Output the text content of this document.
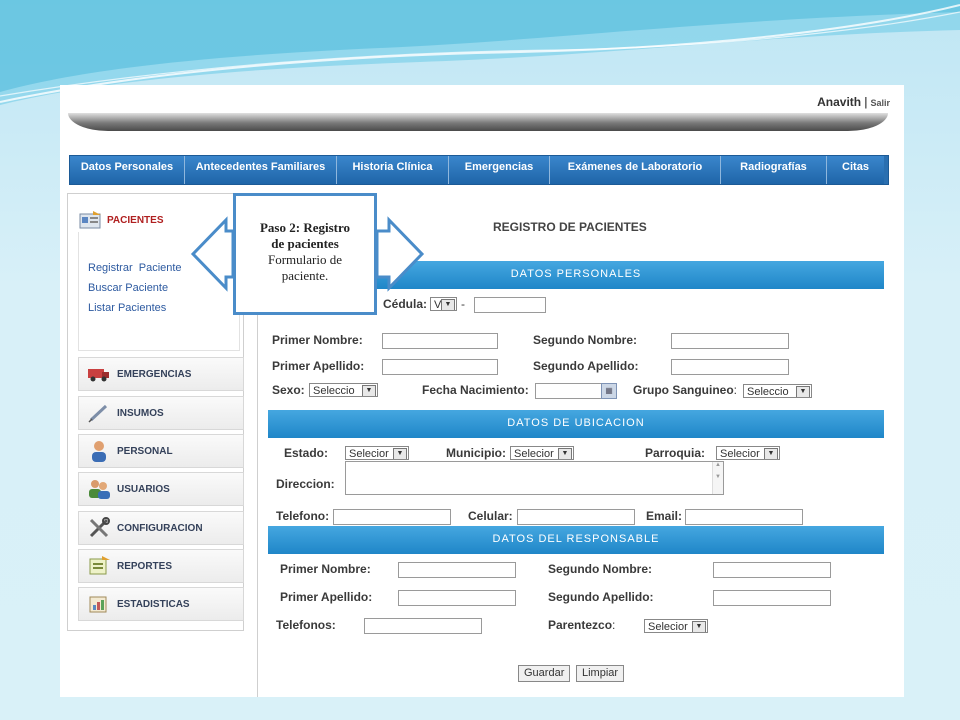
Anavith | Salir
Datos Personales	Antecedentes Familiares	Historia Clínica	Emergencias	Exámenes de Laboratorio	Radiografías	Citas
PACIENTES
Registrar  Paciente
Buscar Paciente
Listar Pacientes
EMERGENCIAS
INSUMOS
PERSONAL
USUARIOS
CONFIGURACION
REPORTES
ESTADISTICAS
REGISTRO DE PACIENTES
DATOS PERSONALES
Cédula: V ▼ -
Primer Nombre:	Segundo Nombre:
Primer Apellido:	Segundo Apellido:
Sexo: Seleccio	▼	Fecha Nacimiento:	▦	Grupo Sanguineo: Seleccio	▼
DATOS DE UBICACION
Estado:	Selecior	▼	Municipio: Selecior	▼	Parroquia:	Selecior	▼
Direccion:
▲

▼
Telefono:	Celular:	Email:
DATOS DEL RESPONSABLE
Primer Nombre:	Segundo Nombre:
Primer Apellido:	Segundo Apellido:
Telefonos:	Parentezco:	Selecior	▼
Guardar	Limpiar
Paso 2: Registro
de pacientes
Formulario de
paciente.
